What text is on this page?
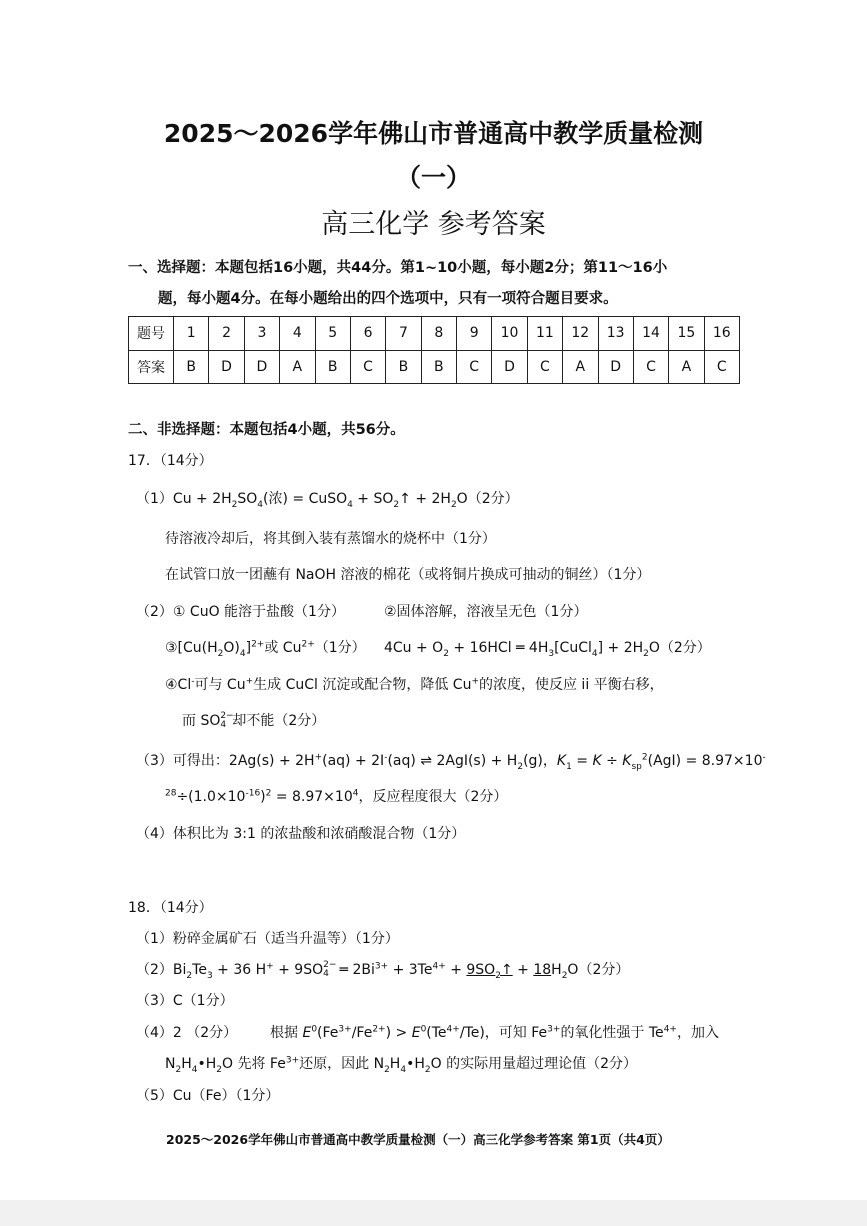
2025～2026学年佛山市普通高中教学质量检测
（一）
高三化学 参考答案
一、选择题：本题包括16小题，共44分。第1~10小题，每小题2分；第11～16小
题，每小题4分。在每小题给出的四个选项中，只有一项符合题目要求。
题号	1	2	3	4	5	6	7	8	9	10	11	12	13	14	15	16
答案	B	D	D	A	B	C	B	B	C	D	C	A	D	C	A	C
二、非选择题：本题包括4小题，共56分。
17．（14分）
$(1)Cu + 2H_2SO_4$(浓) = CuSO$_4$ + $SO_2↑ + 2H_2O(2$分）
待溶液冷却后，将其倒入装有蒸馏水的烧杯中（1分）
在试管口放一团蘸有 NaOH 溶液的棉花（或将铜片换成可抽动的铜丝）（1分）
（2）① CuO 能溶于盐酸（1分）	②固体溶解，溶液呈无色（1分）
$③[Cu(H_2O)_4]^{2+}$或 $Cu^{2+}(1$分） $4Cu + O_2 + 16HCl$ ═ $4H_3[CuCl_4] + 2H_2O(2$分）
④Cl-可与 Cu+生成 CuCl 沉淀或配合物，降低 Cu+的浓度，使反应 ii 平衡右移，
而 SO 2−
4 却不能（2分）
（3）可得出：2Ag(s) + 2H+(aq) + 2I-(aq) ⇌ $2AgI(s) + H_2(g)$，$K_1 = K \div K_{sp}^2(AgI) = 8.97\times 10^-$
$^{28}\div(1.0\times 10^{-16})^2 = 8.97\times 10^4$，反应程度很大（2分）
（4）体积比为 3:1 的浓盐酸和浓硝酸混合物（1分）
18．（14分）
（1）粉碎金属矿石（适当升温等）（1分）
$(2)Bi_2Te_3 + 36$ H+ + 9SO 2−
4 ═ $2Bi^{3+} + 3Te^{4+}$ + $9SO_2↑ + 18H_2O(2$分）
（3）C（1分）
（4）2 （2分） 根据 $E^0(Fe^{3+}/Fe^{2+}) > E^0(Te^{4+}/Te)$，可知 $Fe^{3+}$的氧化性强于 $Te^{4+}$，加入
$N_2H_4•H_2O$ 先将 $Fe^{3+}$还原，因此 $N_2H_4•H_2O$ 的实际用量超过理论值（2分）
（5）Cu（Fe）（1分）
2025～2026学年佛山市普通高中教学质量检测（一）高三化学参考答案 第1页（共4页）
